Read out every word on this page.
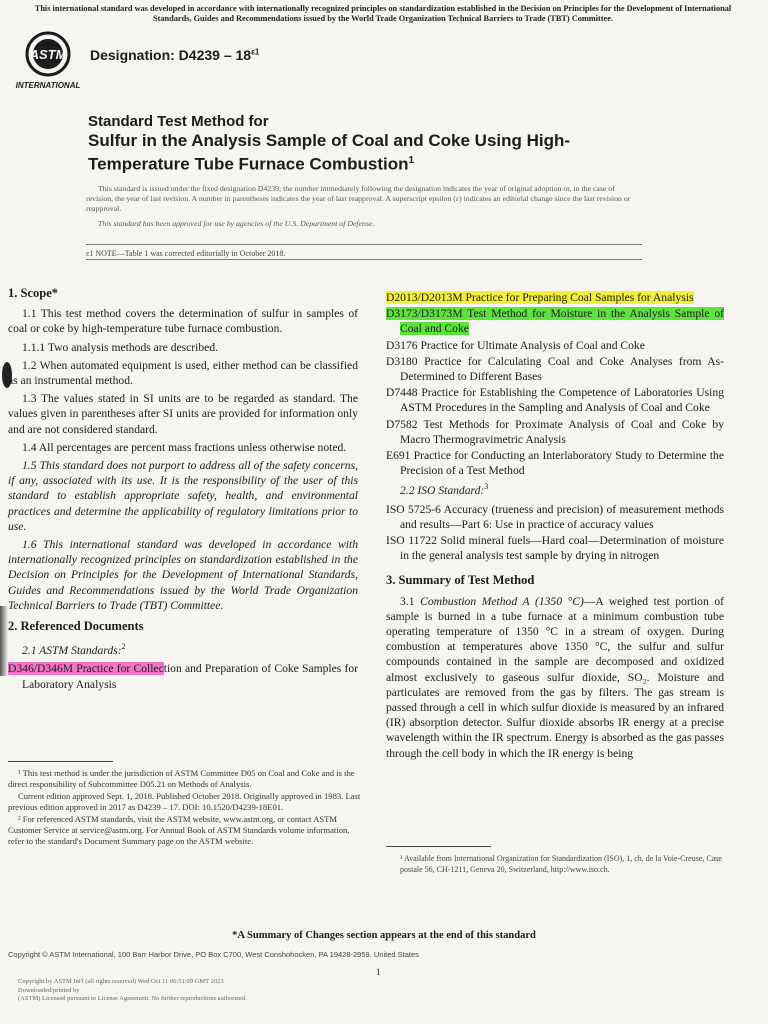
This international standard was developed in accordance with internationally recognized principles on standardization established in the Decision on Principles for the Development of International Standards, Guides and Recommendations issued by the World Trade Organization Technical Barriers to Trade (TBT) Committee.
ASTM
INTERNATIONAL
Designation: $D4239 - 18^{\varepsilon 1}$
Standard Test Method for
Sulfur in the Analysis Sample of Coal and Coke Using High-
Temperature Tube Furnace Combustion$^1$

This standard is issued under the fixed designation D4239; the number immediately following the designation indicates the year of original adoption or, in the case of revision, the year of last revision. A number in parentheses indicates the year of last reapproval. A superscript epsilon (ε) indicates an editorial change since the last revision or reapproval.

This standard has been approved for use by agencies of the U.S. Department of Defense.

ε1 NOTE—Table 1 was corrected editorially in October 2018.
1. Scope*

1.1 This test method covers the determination of sulfur in samples of coal or coke by high-temperature tube furnace combustion.

1.1.1 Two analysis methods are described.

1.2 When automated equipment is used, either method can be classified as an instrumental method.

1.3 The values stated in SI units are to be regarded as standard. The values given in parentheses after SI units are provided for information only and are not considered standard.

1.4 All percentages are percent mass fractions unless otherwise noted.

1.5 This standard does not purport to address all of the safety concerns, if any, associated with its use. It is the responsibility of the user of this standard to establish appropriate safety, health, and environmental practices and determine the applicability of regulatory limitations prior to use.

1.6 This international standard was developed in accordance with internationally recognized principles on standardization established in the Decision on Principles for the Development of International Standards, Guides and Recommendations issued by the World Trade Organization Technical Barriers to Trade (TBT) Committee.

2. Referenced Documents

2.1 ASTM Standards:$^2$

D346/D346M Practice for Collection and Preparation of Coke Samples for Laboratory Analysis

D2013/D2013M Practice for Preparing Coal Samples for Analysis

D3173/D3173M Test Method for Moisture in the Analysis Sample of Coal and Coke

D3176 Practice for Ultimate Analysis of Coal and Coke

D3180 Practice for Calculating Coal and Coke Analyses from As-Determined to Different Bases

D7448 Practice for Establishing the Competence of Laboratories Using ASTM Procedures in the Sampling and Analysis of Coal and Coke

D7582 Test Methods for Proximate Analysis of Coal and Coke by Macro Thermogravimetric Analysis

E691 Practice for Conducting an Interlaboratory Study to Determine the Precision of a Test Method

2.2 ISO Standard:$^3$

ISO 5725-6 Accuracy (trueness and precision) of measurement methods and results—Part 6: Use in practice of accuracy values

ISO 11722 Solid mineral fuels—Hard coal—Determination of moisture in the general analysis test sample by drying in nitrogen

3. Summary of Test Method

3.1 Combustion Method A (1350 °C)—A weighed test portion of sample is burned in a tube furnace at a minimum combustion tube operating temperature of 1350 °C in a stream of oxygen. During combustion at temperatures above 1350 °C, the sulfur and sulfur compounds contained in the sample are decomposed and oxidized almost exclusively to gaseous sulfur dioxide, SO₂. Moisture and particulates are removed from the gas by filters. The gas stream is passed through a cell in which sulfur dioxide is measured by an infrared (IR) absorption detector. Sulfur dioxide absorbs IR energy at a precise wavelength within the IR spectrum. Energy is absorbed as the gas passes through the cell body in which the IR energy is being

¹ This test method is under the jurisdiction of ASTM Committee D05 on Coal and Coke and is the direct responsibility of Subcommittee D05.21 on Methods of Analysis.

Current edition approved Sept. 1, 2018. Published October 2018. Originally approved in 1983. Last previous edition approved in 2017 as D4239 – 17. DOI: 10.1520/D4239-18E01.

² For referenced ASTM standards, visit the ASTM website, www.astm.org, or contact ASTM Customer Service at service@astm.org. For Annual Book of ASTM Standards volume information, refer to the standard's Document Summary page on the ASTM website.

³ Available from International Organization for Standardization (ISO), 1, ch. de la Voie-Creuse, Case postale 56, CH-1211, Geneva 20, Switzerland, http://www.iso.ch.

*A Summary of Changes section appears at the end of this standard
Copyright © ASTM International, 100 Barr Harbor Drive, PO Box C700, West Conshohocken, PA 19428-2959. United States
1

Copyright by ASTM Int'l (all rights reserved) Wed Oct 11 06:51:09 GMT 2023

Downloaded/printed by

(ASTM) Licensed pursuant to License Agreement. No further reproductions authorized.
